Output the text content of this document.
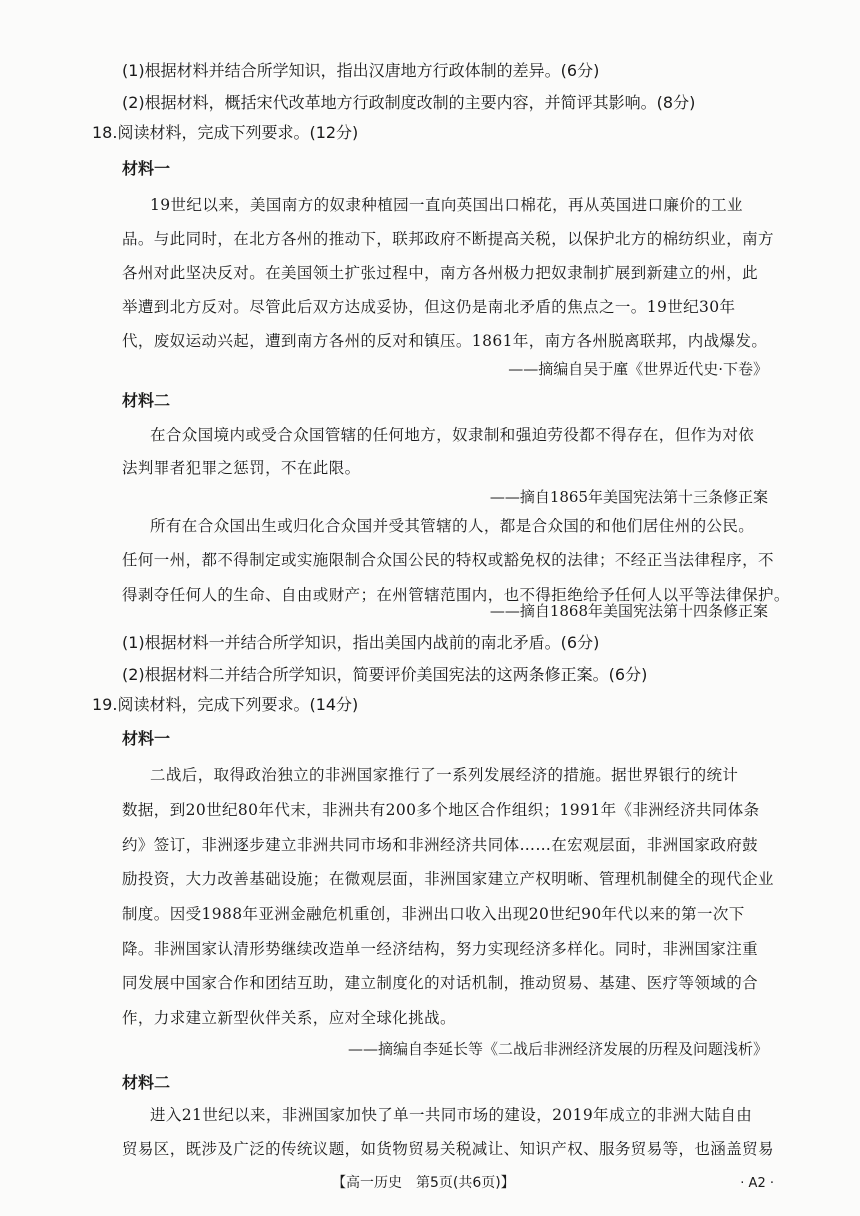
(1)根据材料并结合所学知识，指出汉唐地方行政体制的差异。(6分)
(2)根据材料，概括宋代改革地方行政制度改制的主要内容，并简评其影响。(8分)
18.阅读材料，完成下列要求。(12分)
材料一
19世纪以来，美国南方的奴隶种植园一直向英国出口棉花，再从英国进口廉价的工业
品。与此同时，在北方各州的推动下，联邦政府不断提高关税，以保护北方的棉纺织业，南方
各州对此坚决反对。在美国领土扩张过程中，南方各州极力把奴隶制扩展到新建立的州，此
举遭到北方反对。尽管此后双方达成妥协，但这仍是南北矛盾的焦点之一。19世纪30年
代，废奴运动兴起，遭到南方各州的反对和镇压。1861年，南方各州脱离联邦，内战爆发。
——摘编自吴于廑《世界近代史·下卷》
材料二
在合众国境内或受合众国管辖的任何地方，奴隶制和强迫劳役都不得存在，但作为对依
法判罪者犯罪之惩罚，不在此限。
——摘自1865年美国宪法第十三条修正案
所有在合众国出生或归化合众国并受其管辖的人，都是合众国的和他们居住州的公民。
任何一州，都不得制定或实施限制合众国公民的特权或豁免权的法律；不经正当法律程序，不
得剥夺任何人的生命、自由或财产；在州管辖范围内，也不得拒绝给予任何人以平等法律保护。
——摘自1868年美国宪法第十四条修正案
(1)根据材料一并结合所学知识，指出美国内战前的南北矛盾。(6分)
(2)根据材料二并结合所学知识，简要评价美国宪法的这两条修正案。(6分)
19.阅读材料，完成下列要求。(14分)
材料一
二战后，取得政治独立的非洲国家推行了一系列发展经济的措施。据世界银行的统计
数据，到20世纪80年代末，非洲共有200多个地区合作组织；1991年《非洲经济共同体条
约》签订，非洲逐步建立非洲共同市场和非洲经济共同体……在宏观层面，非洲国家政府鼓
励投资，大力改善基础设施；在微观层面，非洲国家建立产权明晰、管理机制健全的现代企业
制度。因受1988年亚洲金融危机重创，非洲出口收入出现20世纪90年代以来的第一次下
降。非洲国家认清形势继续改造单一经济结构，努力实现经济多样化。同时，非洲国家注重
同发展中国家合作和团结互助，建立制度化的对话机制，推动贸易、基建、医疗等领域的合
作，力求建立新型伙伴关系，应对全球化挑战。
——摘编自李延长等《二战后非洲经济发展的历程及问题浅析》
材料二
进入21世纪以来，非洲国家加快了单一共同市场的建设，2019年成立的非洲大陆自由
贸易区，既涉及广泛的传统议题，如货物贸易关税减让、知识产权、服务贸易等，也涵盖贸易
【高一历史　第5页(共6页)】	· A2 ·
